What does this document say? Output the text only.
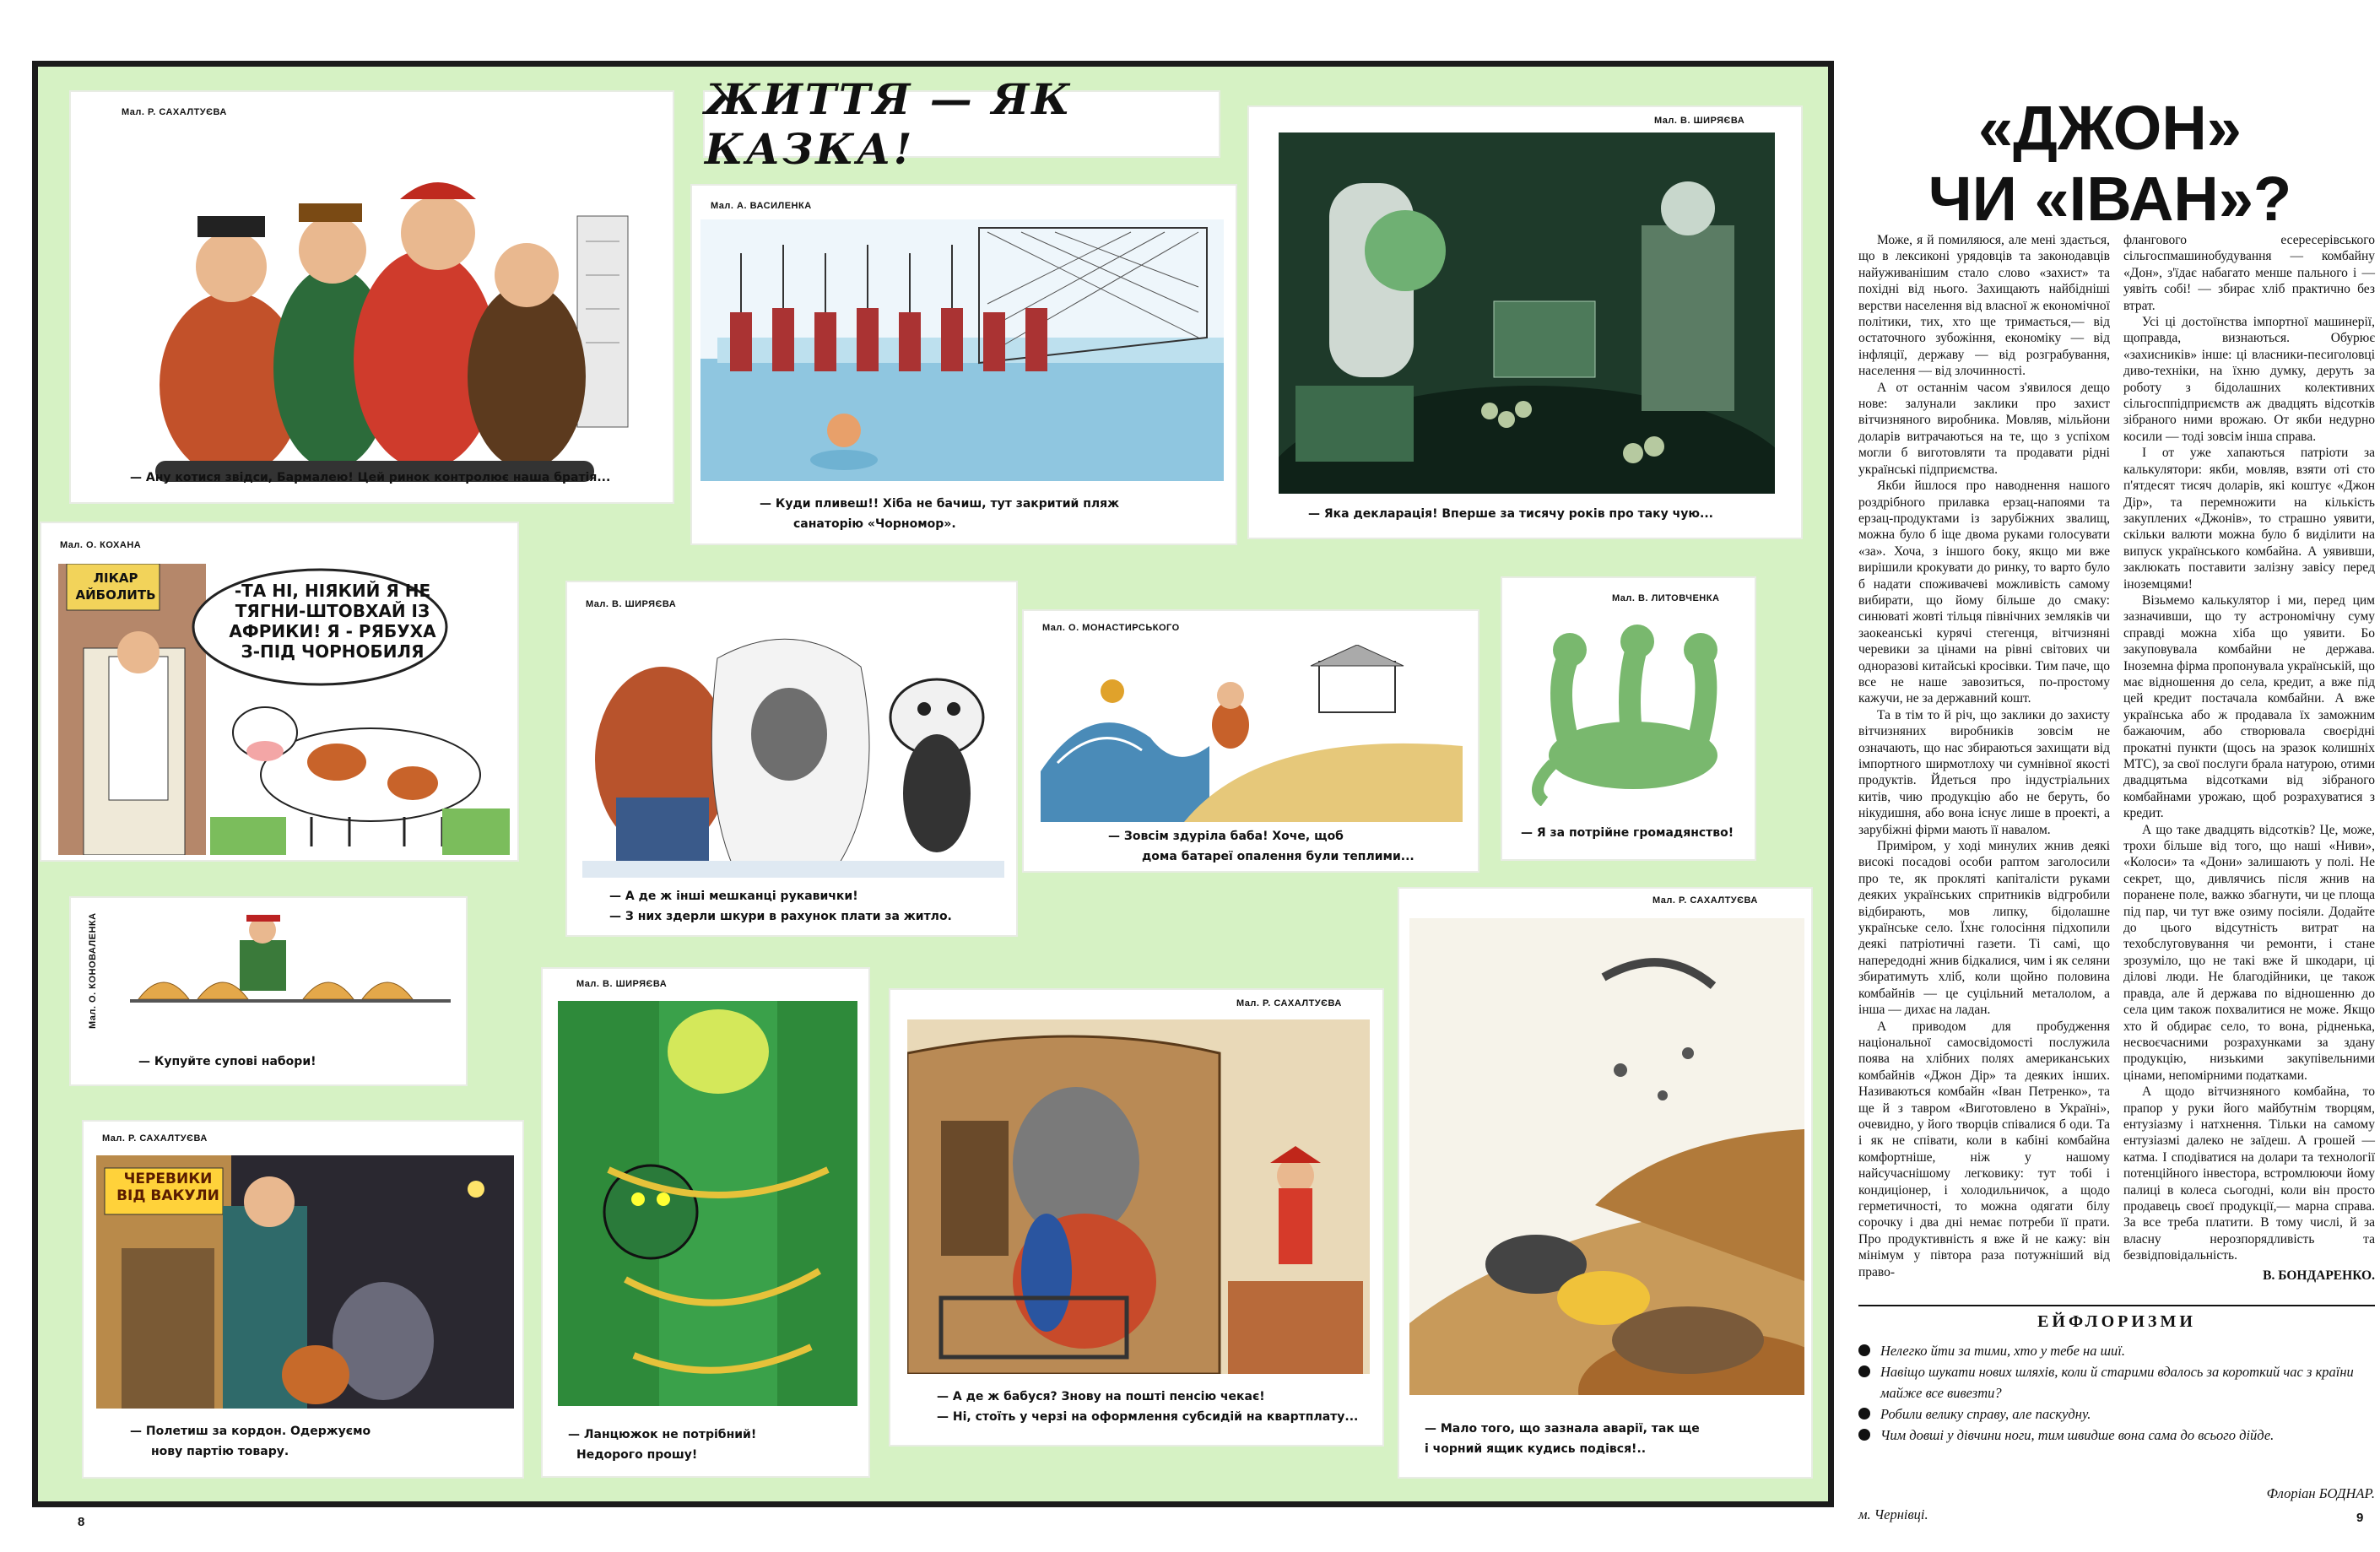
ЖИТТЯ — ЯК КАЗКА!
Мал. Р. САХАЛТУЄВА
— Ану котися звідси, Бармалею! Цей ринок контролює наша братія...
Мал. А. ВАСИЛЕНКА
— Куди пливеш!! Хіба не бачиш, тут закритий пляж
санаторію «Чорномор».
Мал. В. ШИРЯЄВА
— Яка декларація! Вперше за тисячу років про таку чую...
Мал. О. КОХАНА
ЛІКАР АЙБОЛИТЬ	-ТА НІ, НІЯКИЙ Я НЕ
ТЯГНИ-ШТОВХАЙ ІЗ
АФРИКИ! Я - РЯБУХА
З-ПІД ЧОРНОБИЛЯ
Мал. В. ШИРЯЄВА
— А де ж інші мешканці рукавички!
— З них здерли шкури в рахунок плати за житло.
Мал. О. МОНАСТИРСЬКОГО
— Зовсім здуріла баба! Хоче, щоб
дома батареї опалення були теплими...
Мал. В. ЛИТОВЧЕНКА
— Я за потрійне громадянство!
Мал. О. КОНОВАЛЕНКА
— Купуйте супові набори!
Мал. Р. САХАЛТУЄВА
ЧЕРЕВИКИ ВІД ВАКУЛИ
— Полетиш за кордон. Одержуємо
нову партію товару.
Мал. В. ШИРЯЄВА
— Ланцюжок не потрібний!
Недорого прошу!
Мал. Р. САХАЛТУЄВА
— А де ж бабуся? Знову на пошті пенсію чекає!
— Ні, стоїть у черзі на оформлення субсидій на квартплату...
Мал. Р. САХАЛТУЄВА
— Мало того, що зазнала аварії, так ще
і чорний ящик кудись подівся!..
8
«ДЖОН»
ЧИ «ІВАН»?

Може, я й помиляюся, але мені здається, що в лексиконі урядовців та законодавців найуживанішим стало слово «захист» та похідні від нього. Захищають найбідніші верстви населення від власної ж економічної політики, тих, хто ще тримається,— від остаточного зубожіння, економіку — від інфляції, державу — від розграбування, населення — від злочинності.

А от останнім часом з'явилося дещо нове: залунали заклики про захист вітчизняного виробника. Мовляв, мільйони доларів витрачаються на те, що з успіхом могли б виготовляти та продавати рідні українські підприємства.

Якби йшлося про наводнення нашого роздрібного прилавка ерзац-напоями та ерзац-продуктами із зарубіжних звалищ, можна було б іще двома руками голосувати «за». Хоча, з іншого боку, якщо ми вже вирішили крокувати до ринку, то варто було б надати споживачеві можливість самому вибирати, що йому більше до смаку: синюваті жовті тільця північних земляків чи заокеанські курячі стегенця, вітчизняні черевики за цінами на рівні світових чи одноразові китайські кросівки. Тим паче, що все не наше завозиться, по-простому кажучи, не за державний кошт.

Та в тім то й річ, що заклики до захисту вітчизняних виробників зовсім не означають, що нас збираються захищати від імпортного ширмотлоху чи сумнівної якості продуктів. Йдеться про індустріальних китів, чию продукцію або не беруть, бо нікудишня, або вона існує лише в проекті, а зарубіжні фірми мають її навалом.

Приміром, у ході минулих жнив деякі високі посадові особи раптом заголосили про те, як прокляті капіталісти руками деяких українських спритників відгробили відбирають, мов липку, бідолашне українське село. Їхнє голосіння підхопили деякі патріотичні газети. Ті самі, що напередодні жнив бідкалися, чим і як селяни збиратимуть хліб, коли щойно половина комбайнів — це суцільний металолом, а інша — дихає на ладан.

А приводом для пробудження національної самосвідомості послужила поява на хлібних полях американських комбайнів «Джон Дір» та деяких інших. Називаються комбайн «Іван Петренко», та ще й з тавром «Виготовлено в Україні», очевидно, у його творців співалися б оди. Та і як не співати, коли в кабіні комбайна комфортніше, ніж у нашому найсучаснішому легковику: тут тобі і кондиціонер, і холодильничок, а щодо герметичності, то можна одягати білу сорочку і два дні немає потреби її прати. Про продуктивність я вже й не кажу: він мінімум у півтора раза потужніший від право-

флангового есересерівського сільгоспмашинобудування — комбайну «Дон», з'їдає набагато менше пального і — уявіть собі! — збирає хліб практично без втрат.

Усі ці достоїнства імпортної машинерії, щоправда, визнаються. Обурює «захисників» інше: ці власники-песиголовці диво-техніки, на їхню думку, деруть за роботу з бідолашних колективних сільгосппідприємств аж двадцять відсотків зібраного ними врожаю. От якби недурно косили — тоді зовсім інша справа.

І от уже хапаються патріоти за калькулятори: якби, мовляв, взяти оті сто п'ятдесят тисяч доларів, які коштує «Джон Дір», та перемножити на кількість закуплених «Джонів», то страшно уявити, скільки валюти можна було б виділити на випуск українського комбайна. А уявивши, заклюкать поставити залізну завісу перед іноземцями!

Візьмемо калькулятор і ми, перед цим зазначивши, що ту астрономічну суму справді можна хіба що уявити. Бо закуповувала комбайни не держава. Іноземна фірма пропонувала українській, що має відношення до села, кредит, а вже під цей кредит постачала комбайни. А вже українська або ж продавала їх заможним бажаючим, або створювала своєрідні прокатні пункти (щось на зразок колишніх МТС), за свої послуги брала натурою, отими двадцятьма відсотками від зібраного комбайнами урожаю, щоб розрахуватися з кредит.

А що таке двадцять відсотків? Це, може, трохи більше від того, що наші «Ниви», «Колоси» та «Дони» залишають у полі. Не секрет, що, дивлячись після жнив на поранене поле, важко збагнути, чи це площа під пар, чи тут вже озиму посіяли. Додайте до цього відсутність витрат на техобслуговування чи ремонти, і стане зрозуміло, що не такі вже й шкодари, ці ділові люди. Не благодійники, це також правда, але й держава по відношенню до села цим також похвалитися не може. Якщо хто й обдирає село, то вона, рідненька, несвоєчасними розрахунками за здану продукцію, низькими закупівельними цінами, непомірними податками.

А щодо вітчизняного комбайна, то прапор у руки його майбутнім творцям, ентузіазму і натхнення. Тільки на самому ентузіазмі далеко не заїдеш. А грошей — катма. І сподіватися на долари та технології потенційного інвестора, встромлюючи йому палиці в колеса сьогодні, коли він просто продавець своєї продукції,— марна справа. За все треба платити. В тому числі, й за власну нерозпорядливість та безвідповідальність.

В. БОНДАРЕНКО.
ЕЙФЛОРИЗМИ
Нелегко йти за тими, хто у тебе на шиї.
Навіщо шукати нових шляхів, коли й старими вдалось за короткий час з країни майже все вивезти?
Робили велику справу, але паскудну.
Чим довші у дівчини ноги, тим швидше вона сама до всього дійде.
Флоріан БОДНАР.
м. Чернівці.	9
